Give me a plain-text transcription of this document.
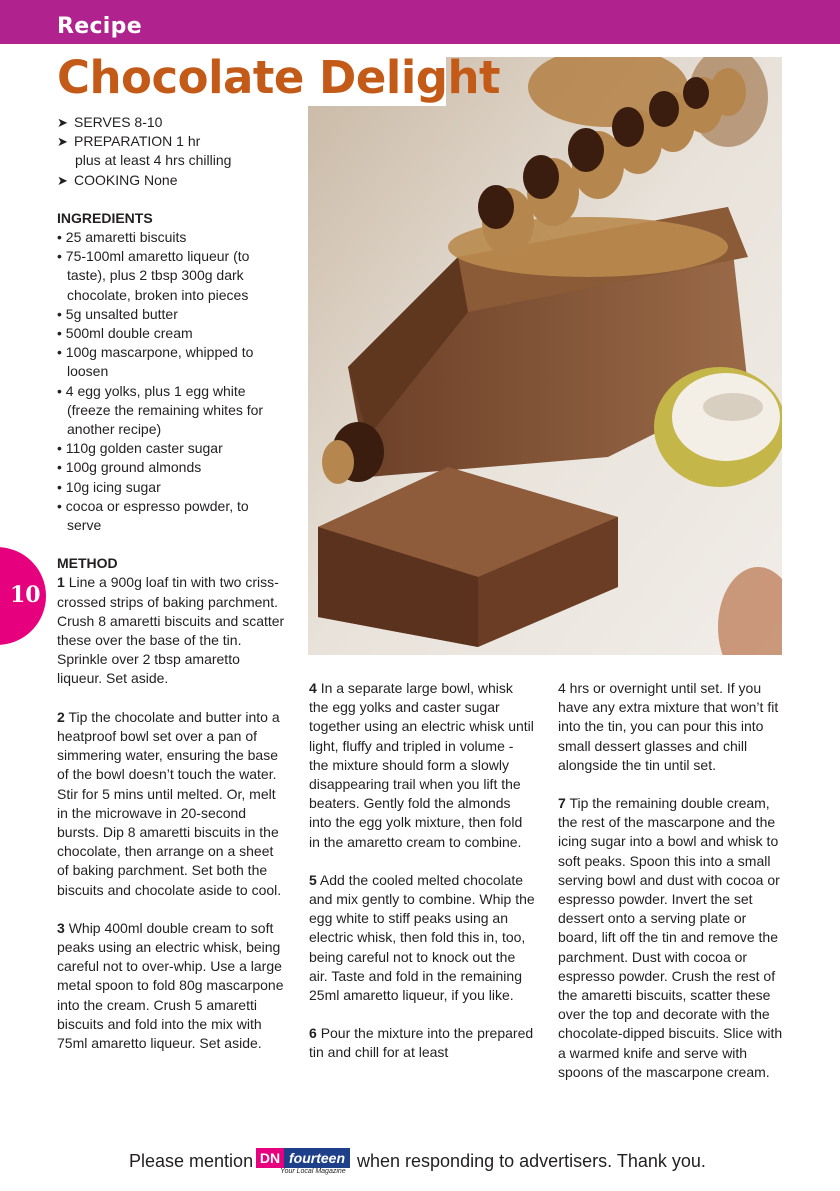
Recipe
Chocolate Delight
➤ SERVES 8-10
➤ PREPARATION 1 hr
plus at least 4 hrs chilling
➤ COOKING None
INGREDIENTS
• 25 amaretti biscuits
• 75-100ml amaretto liqueur (to taste), plus 2 tbsp 300g dark chocolate, broken into pieces
• 5g unsalted butter
• 500ml double cream
• 100g mascarpone, whipped to loosen
• 4 egg yolks, plus 1 egg white (freeze the remaining whites for another recipe)
• 110g golden caster sugar
• 100g ground almonds
• 10g icing sugar
• cocoa or espresso powder, to serve
METHOD

1 Line a 900g loaf tin with two criss-crossed strips of baking parchment. Crush 8 amaretti biscuits and scatter these over the base of the tin. Sprinkle over 2 tbsp amaretto liqueur. Set aside.

2 Tip the chocolate and butter into a heatproof bowl set over a pan of simmering water, ensuring the base of the bowl doesn’t touch the water. Stir for 5 mins until melted. Or, melt in the microwave in 20-second bursts. Dip 8 amaretti biscuits in the chocolate, then arrange on a sheet of baking parchment. Set both the biscuits and chocolate aside to cool.

3 Whip 400ml double cream to soft peaks using an electric whisk, being careful not to over-whip. Use a large metal spoon to fold 80g mascarpone into the cream. Crush 5 amaretti biscuits and fold into the mix with 75ml amaretto liqueur. Set aside.

4 In a separate large bowl, whisk the egg yolks and caster sugar together using an electric whisk until light, fluffy and tripled in volume - the mixture should form a slowly disappearing trail when you lift the beaters. Gently fold the almonds into the egg yolk mixture, then fold in the amaretto cream to combine.

5 Add the cooled melted chocolate and mix gently to combine. Whip the egg white to stiff peaks using an electric whisk, then fold this in, too, being careful not to knock out the air. Taste and fold in the remaining 25ml amaretto liqueur, if you like.

6 Pour the mixture into the prepared tin and chill for at least

4 hrs or overnight until set. If you have any extra mixture that won’t fit into the tin, you can pour this into small dessert glasses and chill alongside the tin until set.

7 Tip the remaining double cream, the rest of the mascarpone and the icing sugar into a bowl and whisk to soft peaks. Spoon this into a small serving bowl and dust with cocoa or espresso powder. Invert the set dessert onto a serving plate or board, lift off the tin and remove the parchment. Dust with cocoa or espresso powder. Crush the rest of the amaretti biscuits, scatter these over the top and decorate with the chocolate-dipped biscuits. Slice with a warmed knife and serve with spoons of the mascarpone cream.

10
Please mention	when responding to advertisers. Thank you.
DN fourteen
Your Local Magazine
